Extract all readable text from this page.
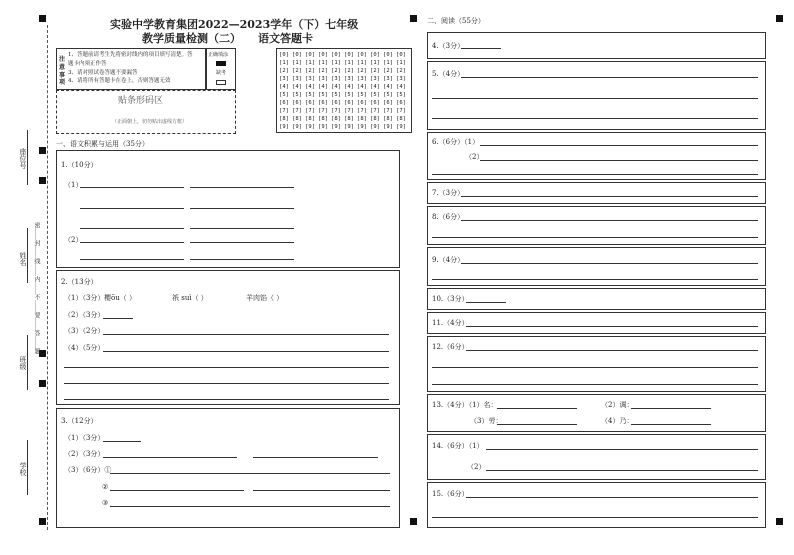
座位号
姓名
班级
学校
密……封……线……内……不……要……答……题
实验中学教育集团2022—2023学年（下）七年级
教学质量检测（二） 语文答题卡
注意事项
1、答题前请考生先将密封线内的项目填写清楚。答
题卡内须正作答
3、请对照试卷答题不要漏答
4、请将所有答题卡在卷上，否则答题无效
正确填涂
缺考
贴条形码区
（正面朝上，切勿贴出虚线方框）
[0] [0] [0] [0] [0] [0] [0] [0] [0] [0]
[1] [1] [1] [1] [1] [1] [1] [1] [1] [1]
[2] [2] [2] [2] [2] [2] [2] [2] [2] [2]
[3] [3] [3] [3] [3] [3] [3] [3] [3] [3]
[4] [4] [4] [4] [4] [4] [4] [4] [4] [4]
[5] [5] [5] [5] [5] [5] [5] [5] [5] [5]
[6] [6] [6] [6] [6] [6] [6] [6] [6] [6]
[7] [7] [7] [7] [7] [7] [7] [7] [7] [7]
[8] [8] [8] [8] [8] [8] [8] [8] [8] [8]
[9] [9] [9] [9] [9] [9] [9] [9] [9] [9]
一、语文积累与运用（35分）
1.（10分）
（1）
（2）
2.（13分）
（1）（3分） 樱ōu（ ）	祇 suì（ ）	羊肉馅（ ）
（2）（3分）
（3）（2分）
（4）（5分）
3.（12分）
（1）（3分）
（2）（3分）
（3）（6分）①
②
③
二、阅读（55分）
4.（3分）
5.（4分）
6.（6分）（1）
（2）
7.（3分）
8.（6分）
9.（4分）
10.（3分）
11.（4分）
12.（6分）
13.（4分）（1）名：	（2）调：
（3）劳：	（4）乃：
14.（6分）（1）
（2）
15.（6分）
